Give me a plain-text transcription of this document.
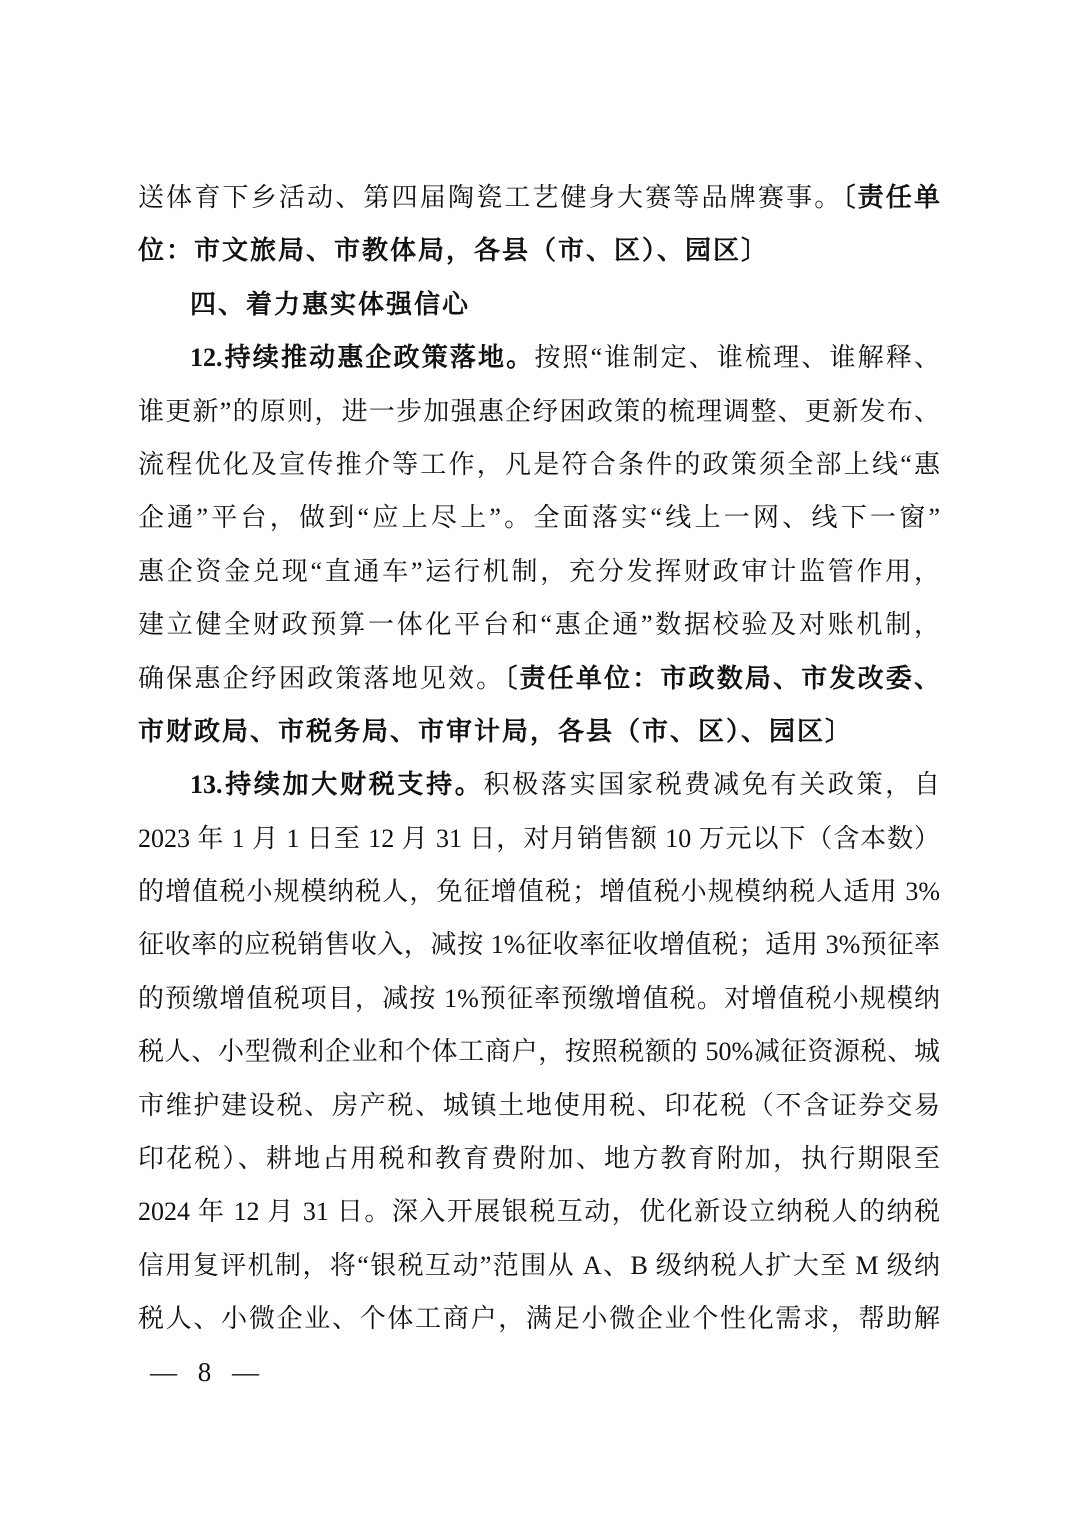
送体育下乡活动、第四届陶瓷工艺健身大赛等品牌赛事。〔责任单
位：市文旅局、市教体局，各县（市、区）、园区〕
四、着力惠实体强信心
12.持续推动惠企政策落地。按照“谁制定、谁梳理、谁解释、
谁更新”的原则，进一步加强惠企纾困政策的梳理调整、更新发布、
流程优化及宣传推介等工作，凡是符合条件的政策须全部上线“惠
企通”平台，做到“应上尽上”。全面落实“线上一网、线下一窗”
惠企资金兑现“直通车”运行机制，充分发挥财政审计监管作用，
建立健全财政预算一体化平台和“惠企通”数据校验及对账机制，
确保惠企纾困政策落地见效。〔责任单位：市政数局、市发改委、
市财政局、市税务局、市审计局，各县（市、区）、园区〕
13.持续加大财税支持。积极落实国家税费减免有关政策，自
2023 年 1 月 1 日至 12 月 31 日，对月销售额 10 万元以下（含本数）
的增值税小规模纳税人，免征增值税；增值税小规模纳税人适用 3%
征收率的应税销售收入，减按 1%征收率征收增值税；适用 3%预征率
的预缴增值税项目，减按 1%预征率预缴增值税。对增值税小规模纳
税人、小型微利企业和个体工商户，按照税额的 50%减征资源税、城
市维护建设税、房产税、城镇土地使用税、印花税（不含证券交易
印花税）、耕地占用税和教育费附加、地方教育附加，执行期限至
2024 年 12 月 31 日。深入开展银税互动，优化新设立纳税人的纳税
信用复评机制，将“银税互动”范围从 A、B 级纳税人扩大至 M 级纳
税人、小微企业、个体工商户，满足小微企业个性化需求，帮助解
— 8 —
